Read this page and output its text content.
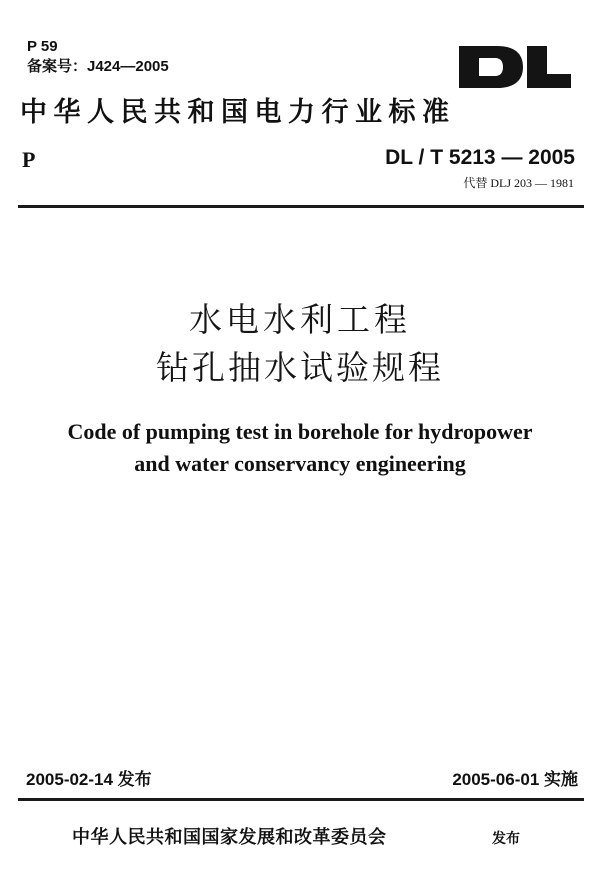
P 59
备案号：J424—2005
中华人民共和国电力行业标准
P	DL / T 5213 — 2005
代替 DLJ 203 — 1981
水电水利工程
钻孔抽水试验规程
Code of pumping test in borehole for hydropower
and water conservancy engineering
2005-02-14 发布	2005-06-01 实施
中华人民共和国国家发展和改革委员会	发布
